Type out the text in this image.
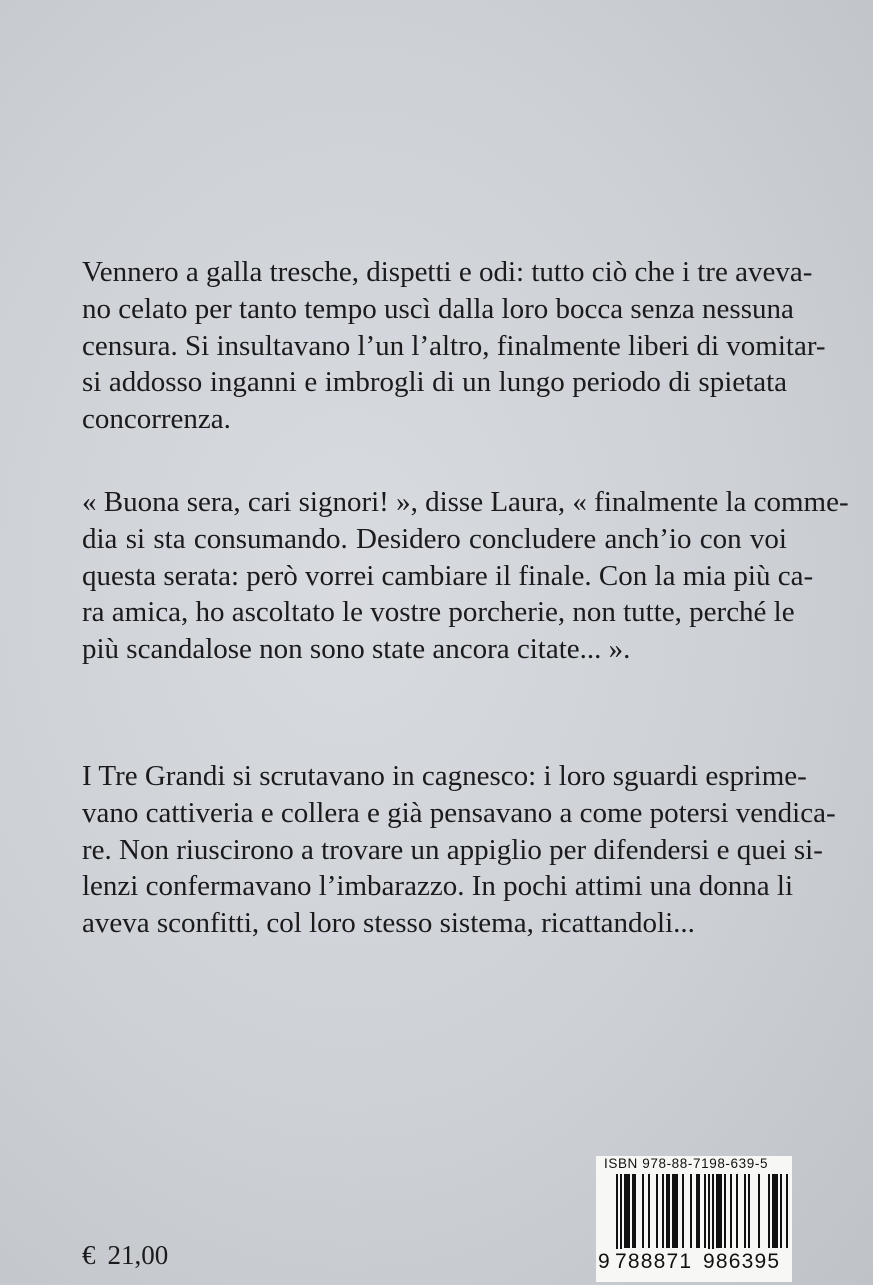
Vennero a galla tresche, dispetti e odi: tutto ciò che i tre aveva-
no celato per tanto tempo uscì dalla loro bocca senza nessuna
censura. Si insultavano l’un l’altro, finalmente liberi di vomitar-
si addosso inganni e imbrogli di un lungo periodo di spietata
concorrenza.
« Buona sera, cari signori! », disse Laura, « finalmente la comme-
dia si sta consumando. Desidero concludere anch’io con voi
questa serata: però vorrei cambiare il finale. Con la mia più ca-
ra amica, ho ascoltato le vostre porcherie, non tutte, perché le
più scandalose non sono state ancora citate... ».
I Tre Grandi si scrutavano in cagnesco: i loro sguardi esprime-
vano cattiveria e collera e già pensavano a come potersi vendica-
re. Non riuscirono a trovare un appiglio per difendersi e quei si-
lenzi confermavano l’imbarazzo. In pochi attimi una donna li
aveva sconfitti, col loro stesso sistema, ricattandoli...
€ 21,00
ISBN 978-88-7198-639-5
9 788871 986395
